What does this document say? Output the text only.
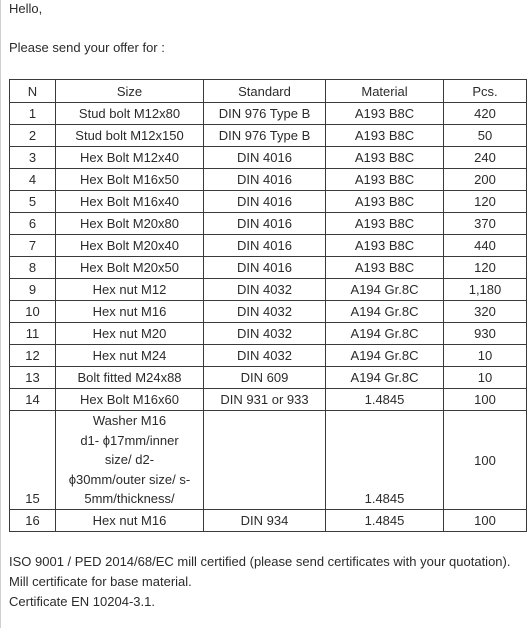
Hello,
Please send your offer for :
N	Size	Standard	Material	Pcs.
1	Stud bolt M12x80	DIN 976 Type B	A193 B8C	420
2	Stud bolt M12x150	DIN 976 Type B	A193 B8C	50
3	Hex Bolt M12x40	DIN 4016	A193 B8C	240
4	Hex Bolt M16x50	DIN 4016	A193 B8C	200
5	Hex Bolt M16x40	DIN 4016	A193 B8C	120
6	Hex Bolt M20x80	DIN 4016	A193 B8C	370
7	Hex Bolt M20x40	DIN 4016	A193 B8C	440
8	Hex Bolt M20x50	DIN 4016	A193 B8C	120
9	Hex nut M12	DIN 4032	A194 Gr.8C	1,180
10	Hex nut M16	DIN 4032	A194 Gr.8C	320
11	Hex nut M20	DIN 4032	A194 Gr.8C	930
12	Hex nut M24	DIN 4032	A194 Gr.8C	10
13	Bolt fitted M24x88	DIN 609	A194 Gr.8C	10
14	Hex Bolt M16x60	DIN 931 or 933	1.4845	100
15	Washer M16
d1- ϕ17mm/inner
size/ d2-
ϕ30mm/outer size/ s-
5mm/thickness/		1.4845	100
16	Hex nut M16	DIN 934	1.4845	100
ISO 9001 / PED 2014/68/EC mill certified (please send certificates with your quotation).
Mill certificate for base material.
Certificate EN 10204-3.1.
